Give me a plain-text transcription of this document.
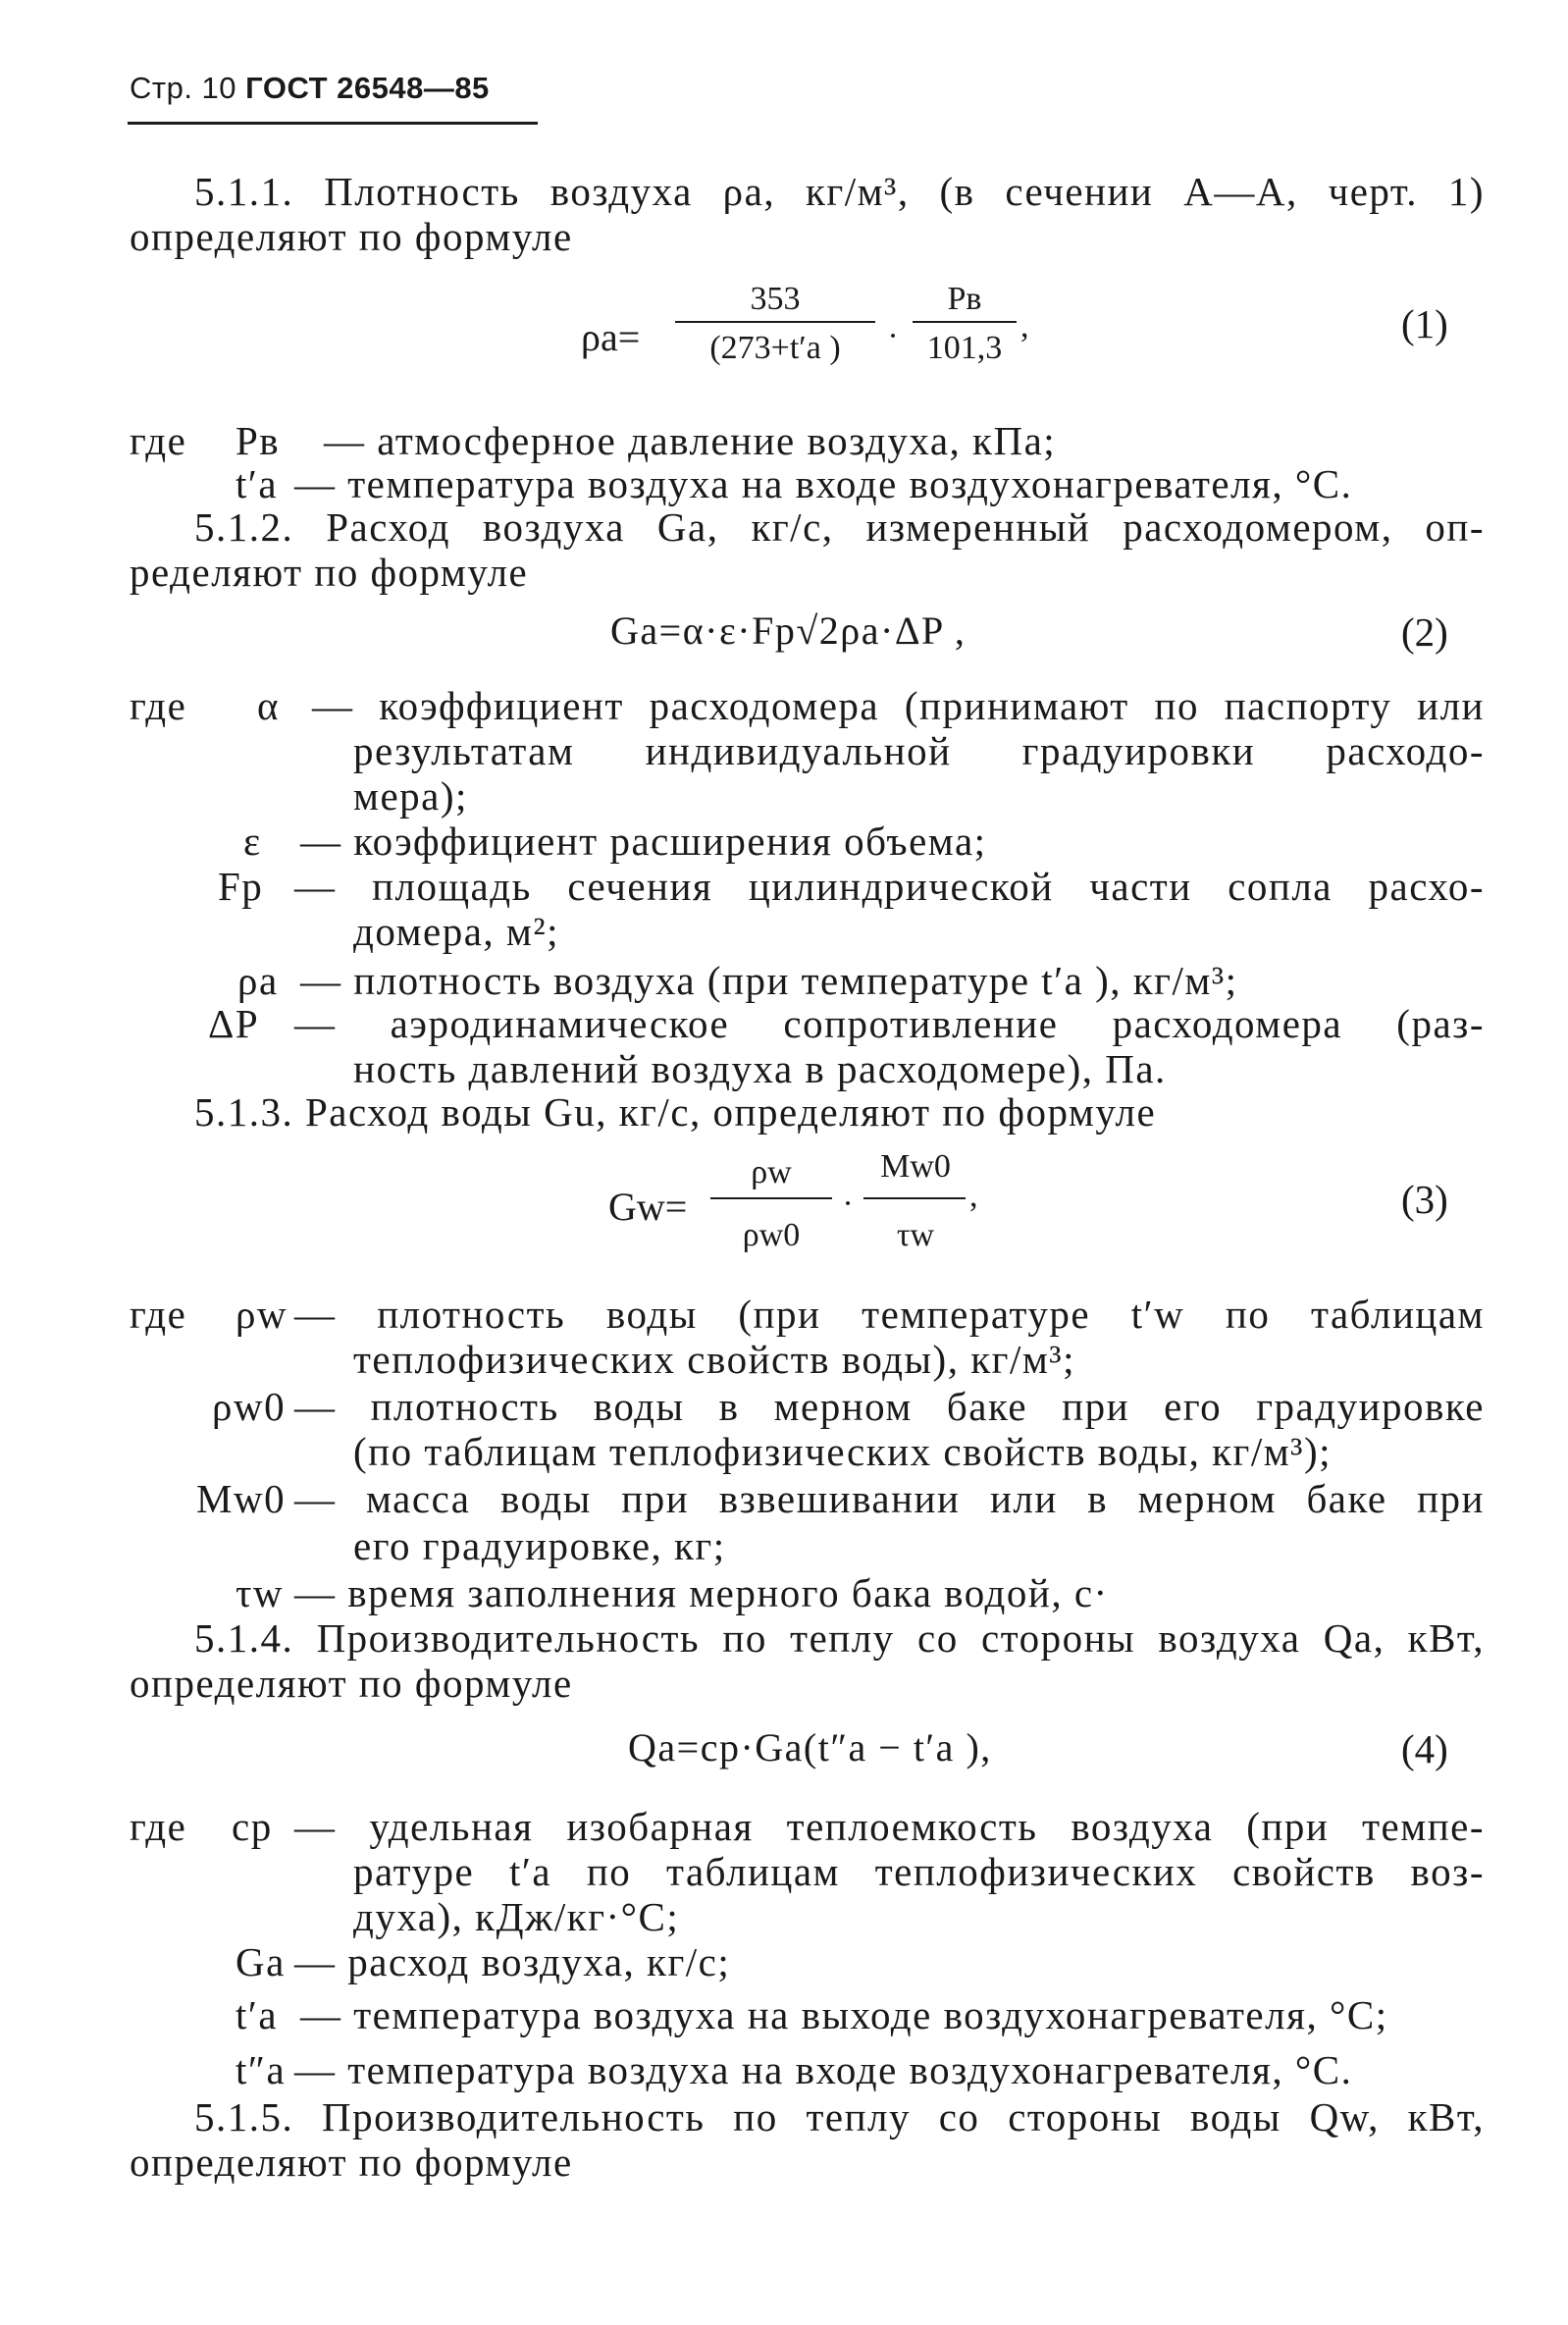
Стр. 10 ГОСТ 26548—85
5.1.1. Плотность воздуха ρa, кг/м³, (в сечении А—А, черт. 1)
определяют по формуле
ρa=
353
(273+t′a )	·
Pв
101,3
,	(1)
где Pв — атмосферное давление воздуха, кПа;
t′a — температура воздуха на входе воздухонагревателя, °C.
5.1.2. Расход воздуха Ga, кг/с, измеренный расходомером, оп-
ределяют по формуле
Ga=α·ε·Fp√2ρa·ΔP ,	(2)
где α — коэффициент расходомера (принимают по паспорту или
результатам индивидуальной градуировки расходо-
мера);
ε — коэффициент расширения объема;
Fp — площадь сечения цилиндрической части сопла расхо-
домера, м²;
ρa — плотность воздуха (при температуре t′a ), кг/м³;
ΔP — аэродинамическое сопротивление расходомера (раз-
ность давлений воздуха в расходомере), Па.
5.1.3. Расход воды Gu, кг/с, определяют по формуле
Gw=
ρw
ρw0
·
Mw0
τw
,	(3)
где ρw — плотность воды (при температуре t′w по таблицам
теплофизических свойств воды), кг/м³;
ρw0 — плотность воды в мерном баке при его градуировке
(по таблицам теплофизических свойств воды, кг/м³);
Mw0 — масса воды при взвешивании или в мерном баке при
его градуировке, кг;
τw — время заполнения мерного бака водой, с·
5.1.4. Производительность по теплу со стороны воздуха Qa, кВт,
определяют по формуле
Qa=cp·Ga(t″a − t′a ),	(4)
где cp — удельная изобарная теплоемкость воздуха (при темпе-
ратуре t′a по таблицам теплофизических свойств воз-
духа), кДж/кг·°С;
Ga — расход воздуха, кг/с;
t′a — температура воздуха на выходе воздухонагревателя, °C;
t″a — температура воздуха на входе воздухонагревателя, °C.
5.1.5. Производительность по теплу со стороны воды Qw, кВт,
определяют по формуле
